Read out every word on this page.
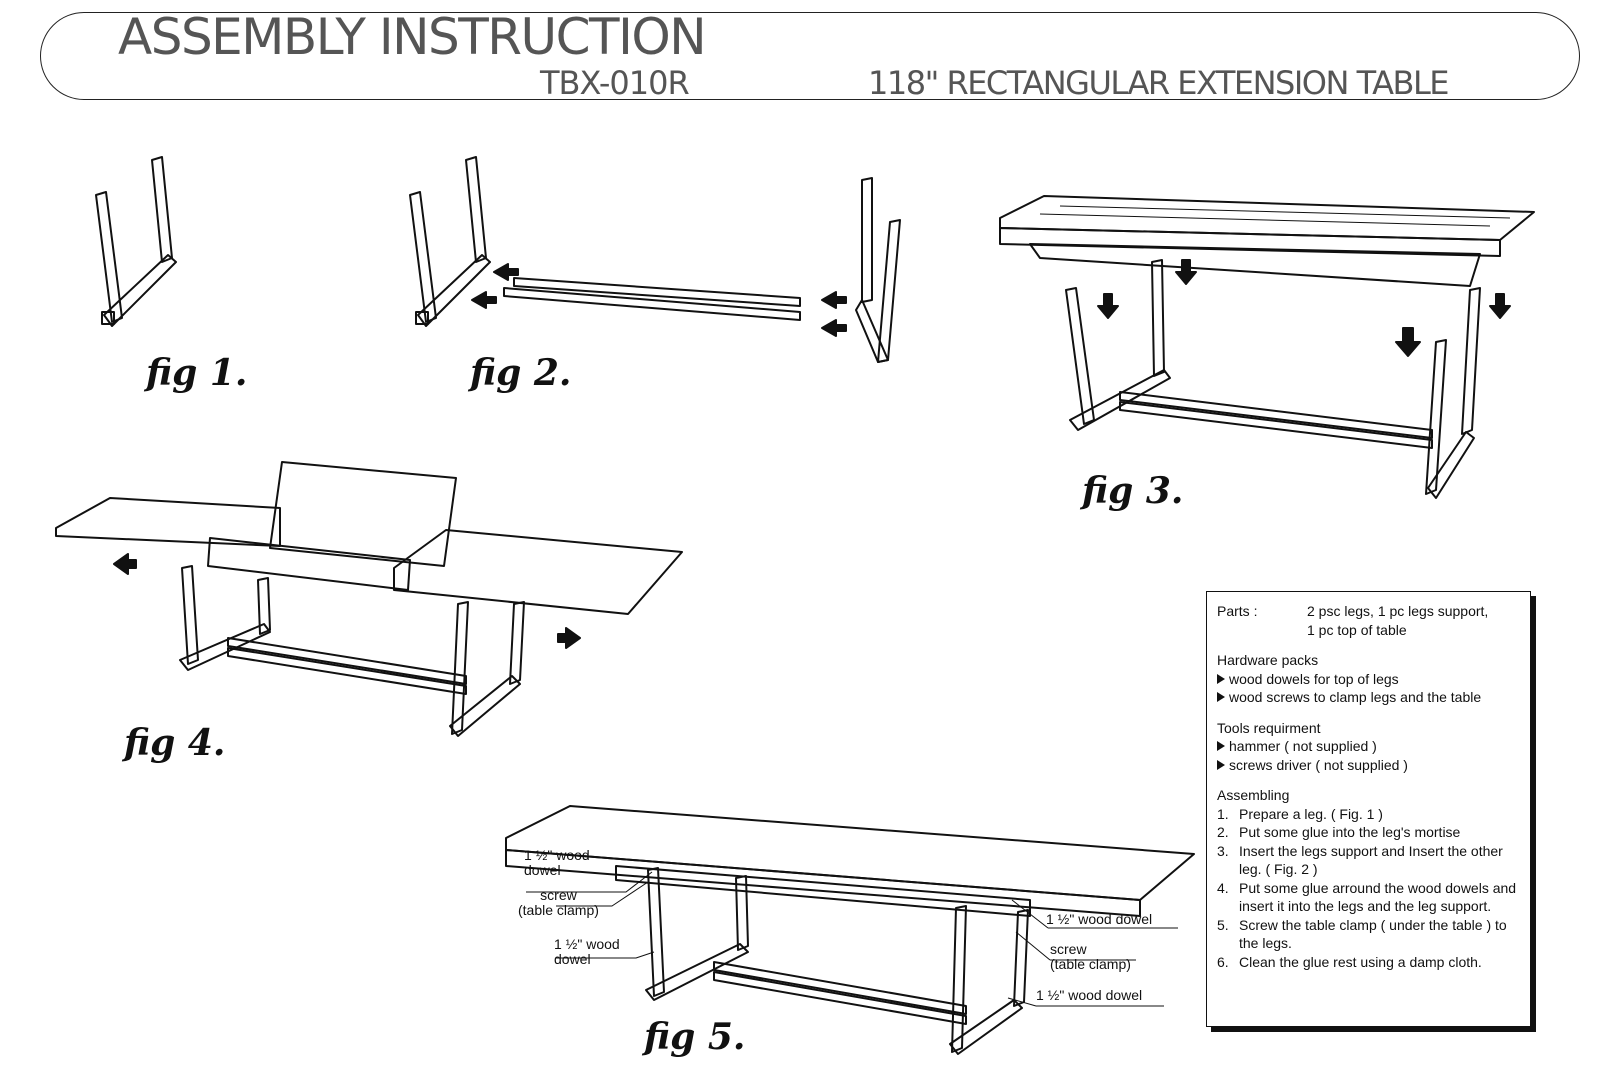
ASSEMBLY INSTRUCTION
TBX-010R	118" RECTANGULAR EXTENSION TABLE
fig 1.	fig 2.
fig 3.
fig 4.
fig 5.
1 ½" wood
dowel
screw
(table clamp)
1 ½" wood
dowel
1 ½" wood dowel
screw
(table clamp)
1 ½" wood dowel
Parts :	2 psc legs, 1 pc legs support,
1 pc top of table
Hardware packs
wood dowels for top of legs
wood screws to clamp legs and the table
Tools requirment
hammer ( not supplied )
screws driver ( not supplied )
Assembling
1. Prepare a leg. ( Fig. 1 )
2. Put some glue into the leg's mortise
3. Insert the legs support and Insert the other leg. ( Fig. 2 )
4. Put some glue arround the wood dowels and insert it into the legs and the leg support.
5. Screw the table clamp ( under the table ) to the legs.
6. Clean the glue rest using a damp cloth.
